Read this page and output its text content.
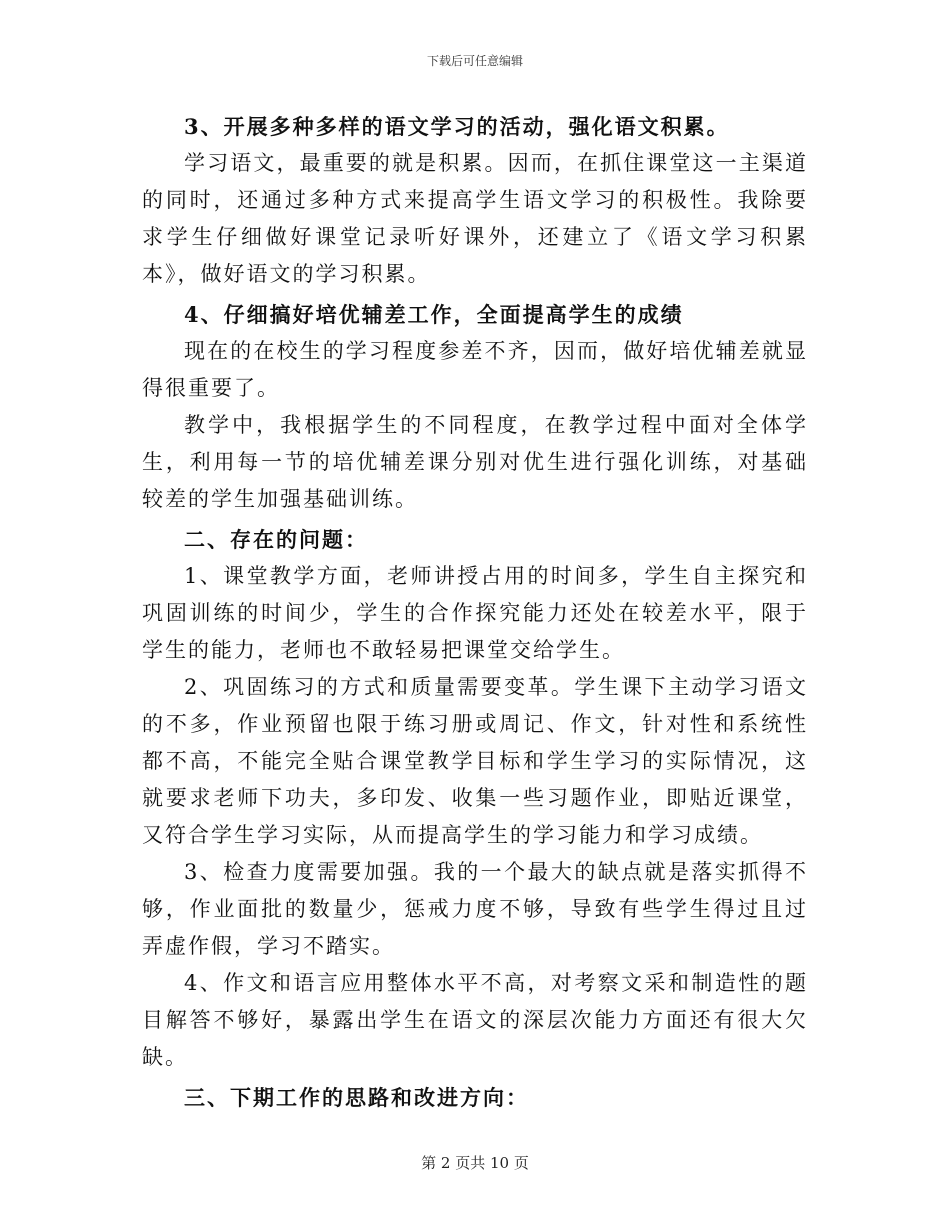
下载后可任意编辑

3、开展多种多样的语文学习的活动，强化语文积累。

学习语文，最重要的就是积累。因而，在抓住课堂这一主渠道的同时，还通过多种方式来提高学生语文学习的积极性。我除要求学生仔细做好课堂记录听好课外，还建立了《语文学习积累本》，做好语文的学习积累。

4、仔细搞好培优辅差工作，全面提高学生的成绩

现在的在校生的学习程度参差不齐，因而，做好培优辅差就显得很重要了。

教学中，我根据学生的不同程度，在教学过程中面对全体学生，利用每一节的培优辅差课分别对优生进行强化训练，对基础较差的学生加强基础训练。

二、存在的问题：

1、课堂教学方面，老师讲授占用的时间多，学生自主探究和巩固训练的时间少，学生的合作探究能力还处在较差水平，限于学生的能力，老师也不敢轻易把课堂交给学生。

2、巩固练习的方式和质量需要变革。学生课下主动学习语文的不多，作业预留也限于练习册或周记、作文，针对性和系统性都不高，不能完全贴合课堂教学目标和学生学习的实际情况，这就要求老师下功夫，多印发、收集一些习题作业，即贴近课堂，又符合学生学习实际，从而提高学生的学习能力和学习成绩。

3、检查力度需要加强。我的一个最大的缺点就是落实抓得不够，作业面批的数量少，惩戒力度不够，导致有些学生得过且过弄虚作假，学习不踏实。

4、作文和语言应用整体水平不高，对考察文采和制造性的题目解答不够好，暴露出学生在语文的深层次能力方面还有很大欠缺。

三、下期工作的思路和改进方向：

第 2 页共 10 页
